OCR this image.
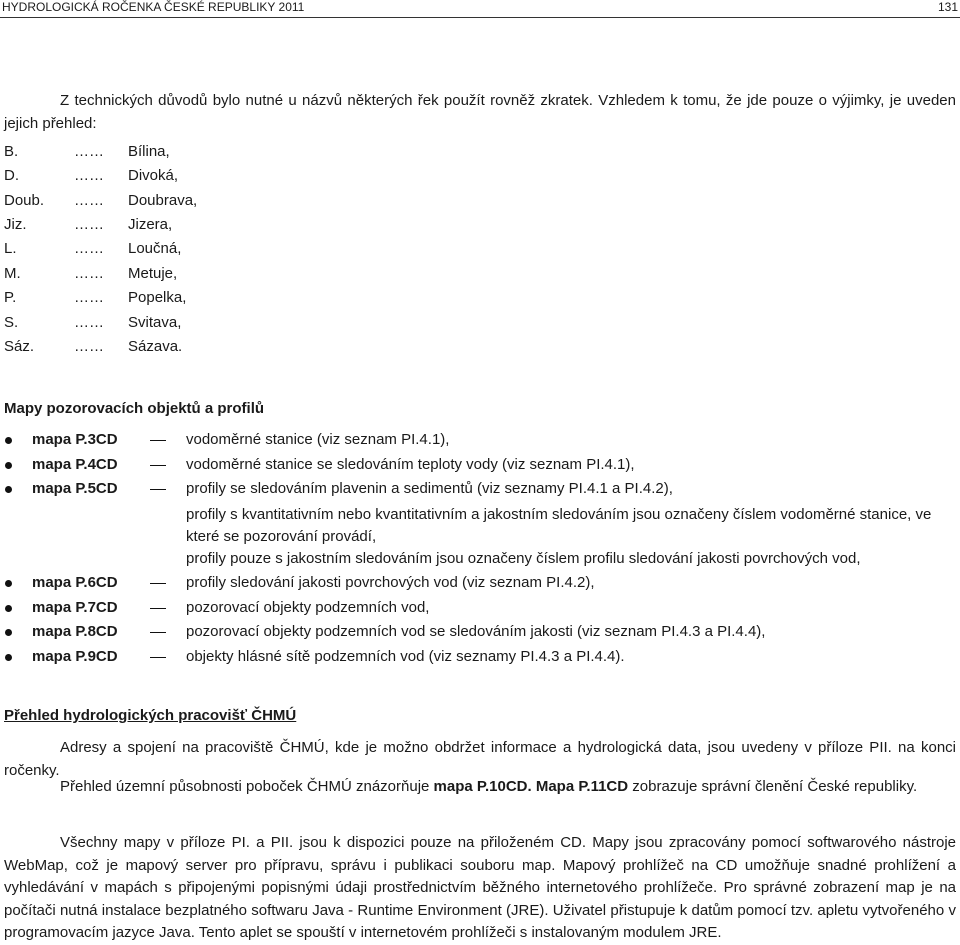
HYDROLOGICKÁ ROČENKA ČESKÉ REPUBLIKY 2011	131

Z technických důvodů bylo nutné u názvů některých řek použít rovněž zkratek. Vzhledem k tomu, že jde pouze o výjimky, je uveden jejich přehled:

B.	…… Bílina,
D.	…… Divoká,
Doub. …… Doubrava,
Jiz.	…… Jizera,
L.	…… Loučná,
M.	…… Metuje,
P.	…… Popelka,
S.	…… Svitava,
Sáz.	…… Sázava.
Mapy pozorovacích objektů a profilů
mapa P.3CD	vodoměrné stanice (viz seznam PI.4.1),
mapa P.4CD	vodoměrné stanice se sledováním teploty vody (viz seznam PI.4.1),
mapa P.5CD	profily se sledováním plavenin a sedimentů (viz seznamy PI.4.1 a PI.4.2),
mapa P.6CD	profily sledování jakosti povrchových vod (viz seznam PI.4.2),
mapa P.7CD	pozorovací objekty podzemních vod,
mapa P.8CD	pozorovací objekty podzemních vod se sledováním jakosti (viz seznam PI.4.3 a PI.4.4),
mapa P.9CD	objekty hlásné sítě podzemních vod (viz seznamy PI.4.3 a PI.4.4).

profily s kvantitativním nebo kvantitativním a jakostním sledováním jsou označeny číslem vodoměrné stanice, ve které se pozorování provádí,

profily pouze s jakostním sledováním jsou označeny číslem profilu sledování jakosti povrchových vod,

Přehled hydrologických pracovišť ČHMÚ

Adresy a spojení na pracoviště ČHMÚ, kde je možno obdržet informace a hydrologická data, jsou uvedeny v příloze PII. na konci ročenky.

Přehled územní působnosti poboček ČHMÚ znázorňuje mapa P.10CD. Mapa P.11CD zobrazuje správní členění České republiky.

Všechny mapy v příloze PI. a PII. jsou k dispozici pouze na přiloženém CD. Mapy jsou zpracovány pomocí softwarového nástroje WebMap, což je mapový server pro přípravu, správu i publikaci souboru map. Mapový prohlížeč na CD umožňuje snadné prohlížení a vyhledávání v mapách s připojenými popisnými údaji prostřednictvím běžného internetového prohlížeče. Pro správné zobrazení map je na počítači nutná instalace bezplatného softwaru Java - Runtime Environment (JRE). Uživatel přistupuje k datům pomocí tzv. apletu vytvořeného v programovacím jazyce Java. Tento aplet se spouští v internetovém prohlížeči s instalovaným modulem JRE.
